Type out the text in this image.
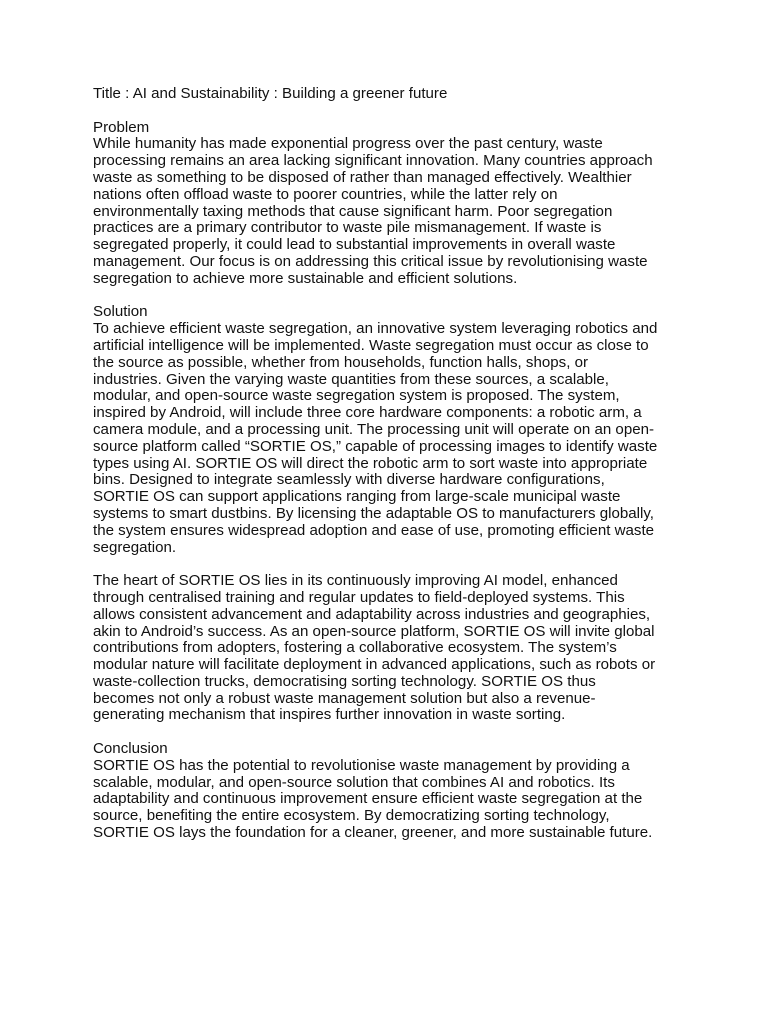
Title : AI and Sustainability : Building a greener future
Problem
While humanity has made exponential progress over the past century, waste
processing remains an area lacking significant innovation. Many countries approach
waste as something to be disposed of rather than managed effectively. Wealthier
nations often offload waste to poorer countries, while the latter rely on
environmentally taxing methods that cause significant harm. Poor segregation
practices are a primary contributor to waste pile mismanagement. If waste is
segregated properly, it could lead to substantial improvements in overall waste
management. Our focus is on addressing this critical issue by revolutionising waste
segregation to achieve more sustainable and efficient solutions.
Solution
To achieve efficient waste segregation, an innovative system leveraging robotics and
artificial intelligence will be implemented. Waste segregation must occur as close to
the source as possible, whether from households, function halls, shops, or
industries. Given the varying waste quantities from these sources, a scalable,
modular, and open-source waste segregation system is proposed. The system,
inspired by Android, will include three core hardware components: a robotic arm, a
camera module, and a processing unit. The processing unit will operate on an open-
source platform called “SORTIE OS,” capable of processing images to identify waste
types using AI. SORTIE OS will direct the robotic arm to sort waste into appropriate
bins. Designed to integrate seamlessly with diverse hardware configurations,
SORTIE OS can support applications ranging from large-scale municipal waste
systems to smart dustbins. By licensing the adaptable OS to manufacturers globally,
the system ensures widespread adoption and ease of use, promoting efficient waste
segregation.
The heart of SORTIE OS lies in its continuously improving AI model, enhanced
through centralised training and regular updates to field-deployed systems. This
allows consistent advancement and adaptability across industries and geographies,
akin to Android’s success. As an open-source platform, SORTIE OS will invite global
contributions from adopters, fostering a collaborative ecosystem. The system’s
modular nature will facilitate deployment in advanced applications, such as robots or
waste-collection trucks, democratising sorting technology. SORTIE OS thus
becomes not only a robust waste management solution but also a revenue-
generating mechanism that inspires further innovation in waste sorting.
Conclusion
SORTIE OS has the potential to revolutionise waste management by providing a
scalable, modular, and open-source solution that combines AI and robotics. Its
adaptability and continuous improvement ensure efficient waste segregation at the
source, benefiting the entire ecosystem. By democratizing sorting technology,
SORTIE OS lays the foundation for a cleaner, greener, and more sustainable future.
